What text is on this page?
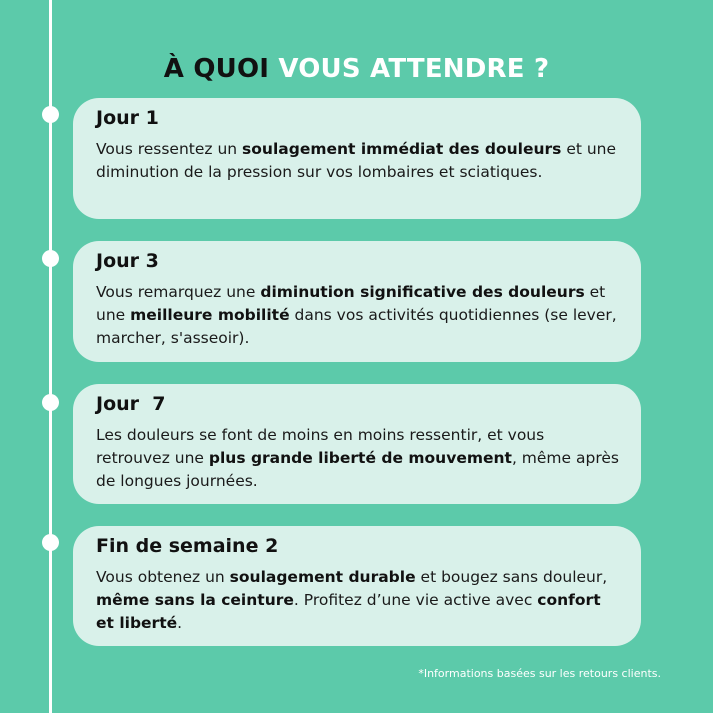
À QUOI VOUS ATTENDRE ?
Jour 1
Vous ressentez un soulagement immédiat des douleurs et une diminution de la pression sur vos lombaires et sciatiques.
Jour 3
Vous remarquez une diminution significative des douleurs et une meilleure mobilité dans vos activités quotidiennes (se lever, marcher, s'asseoir).
Jour  7
Les douleurs se font de moins en moins ressentir, et vous retrouvez une plus grande liberté de mouvement, même après de longues journées.
Fin de semaine 2
Vous obtenez un soulagement durable et bougez sans douleur, même sans la ceinture. Profitez d’une vie active avec confort et liberté.
*Informations basées sur les retours clients.
